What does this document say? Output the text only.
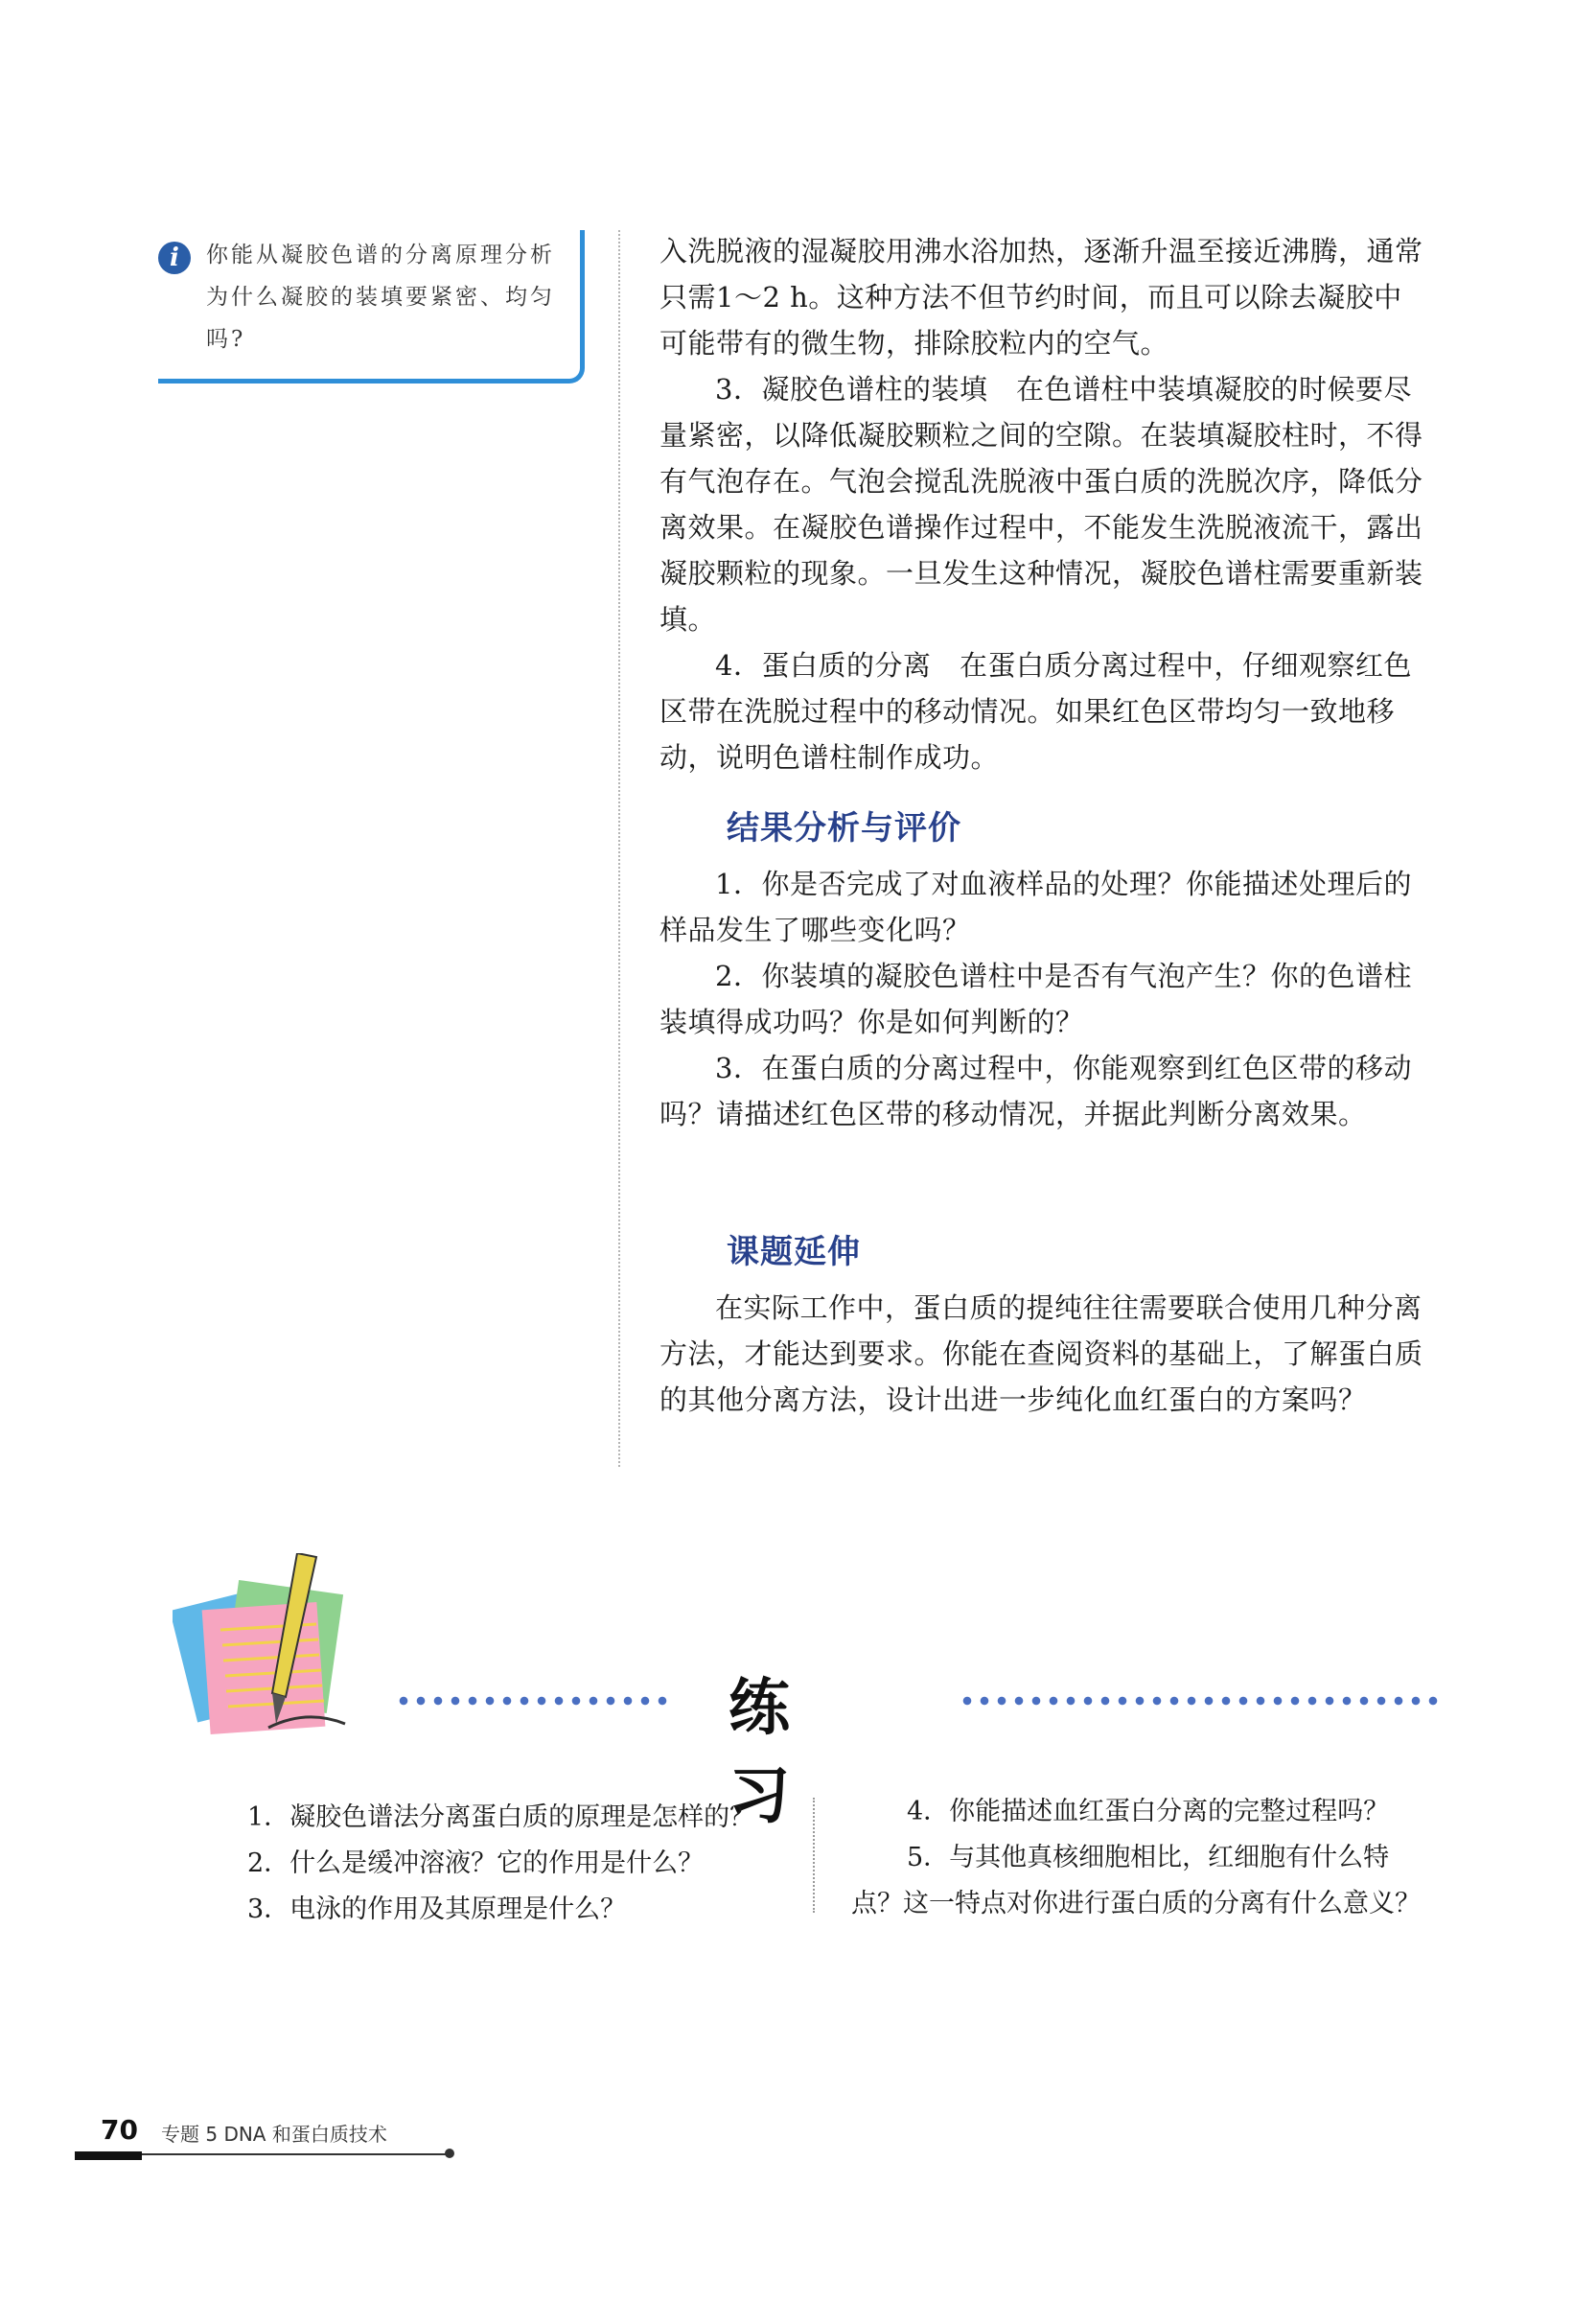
i	你能从凝胶色谱的分离原理分析为什么凝胶的装填要紧密、均匀吗?

入洗脱液的湿凝胶用沸水浴加热，逐渐升温至接近沸腾，通常只需1～2 h。这种方法不但节约时间，而且可以除去凝胶中可能带有的微生物，排除胶粒内的空气。

3．凝胶色谱柱的装填　 在色谱柱中装填凝胶的时候要尽量紧密，以降低凝胶颗粒之间的空隙。在装填凝胶柱时，不得有气泡存在。气泡会搅乱洗脱液中蛋白质的洗脱次序，降低分离效果。在凝胶色谱操作过程中，不能发生洗脱液流干，露出凝胶颗粒的现象。一旦发生这种情况，凝胶色谱柱需要重新装填。

4．蛋白质的分离　 在蛋白质分离过程中，仔细观察红色区带在洗脱过程中的移动情况。如果红色区带均匀一致地移动，说明色谱柱制作成功。

结果分析与评价

1．你是否完成了对血液样品的处理？你能描述处理后的样品发生了哪些变化吗？

2．你装填的凝胶色谱柱中是否有气泡产生？你的色谱柱装填得成功吗？你是如何判断的？

3．在蛋白质的分离过程中，你能观察到红色区带的移动吗？请描述红色区带的移动情况，并据此判断分离效果。

课题延伸

在实际工作中，蛋白质的提纯往往需要联合使用几种分离方法，才能达到要求。你能在查阅资料的基础上，了解蛋白质的其他分离方法，设计出进一步纯化血红蛋白的方案吗？

练 习
1．凝胶色谱法分离蛋白质的原理是怎样的？
2．什么是缓冲溶液？它的作用是什么？
3．电泳的作用及其原理是什么？
4．你能描述血红蛋白分离的完整过程吗？
5．与其他真核细胞相比，红细胞有什么特
点？这一特点对你进行蛋白质的分离有什么意义？
70 专题 5 DNA 和蛋白质技术
